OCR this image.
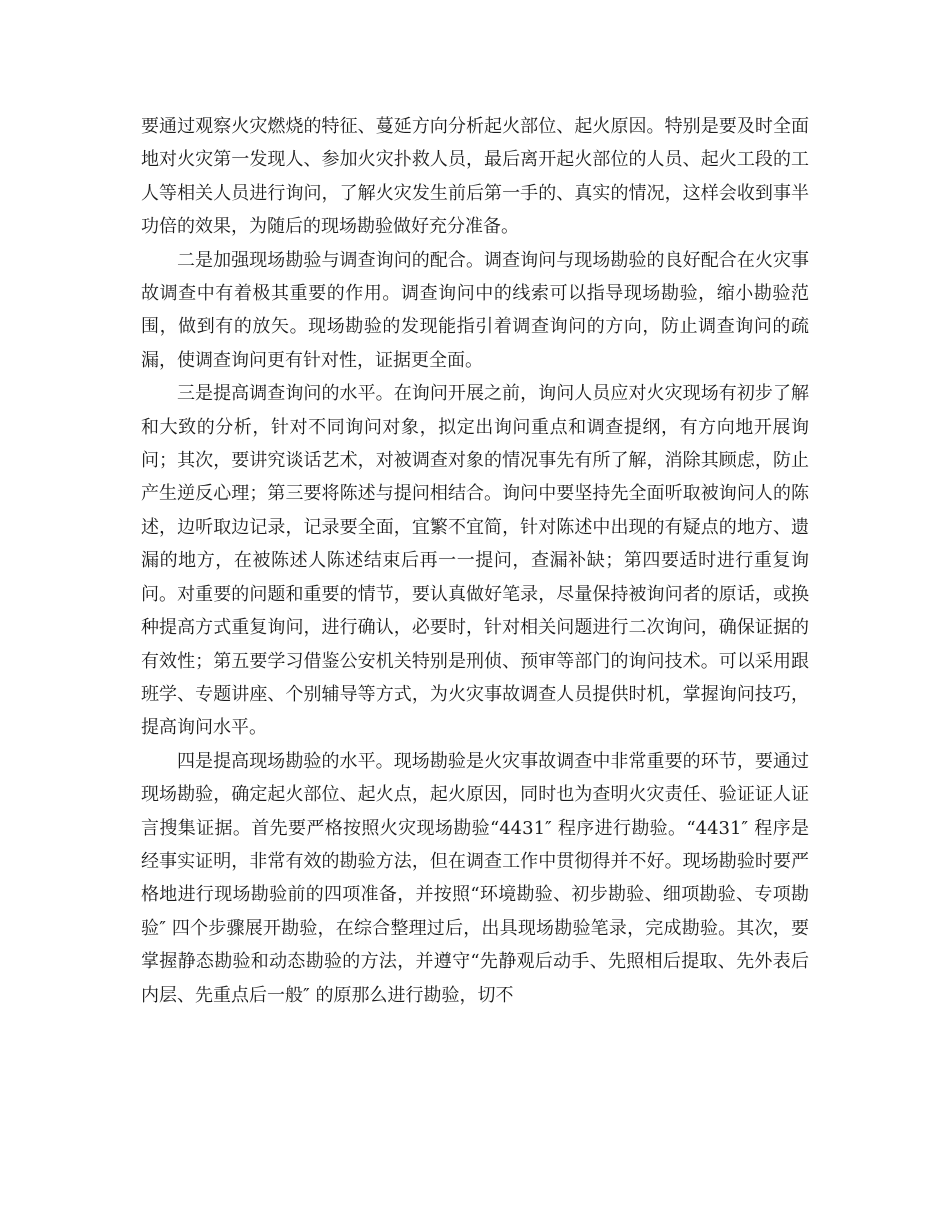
要通过观察火灾燃烧的特征、蔓延方向分析起火部位、起火原因。特别是要及时全面地对火灾第一发现人、参加火灾扑救人员，最后离开起火部位的人员、起火工段的工人等相关人员进行询问，了解火灾发生前后第一手的、真实的情况，这样会收到事半功倍的效果，为随后的现场勘验做好充分准备。

二是加强现场勘验与调查询问的配合。调查询问与现场勘验的良好配合在火灾事故调查中有着极其重要的作用。调查询问中的线索可以指导现场勘验，缩小勘验范围，做到有的放矢。现场勘验的发现能指引着调查询问的方向，防止调查询问的疏漏，使调查询问更有针对性，证据更全面。

三是提高调查询问的水平。在询问开展之前，询问人员应对火灾现场有初步了解和大致的分析，针对不同询问对象，拟定出询问重点和调查提纲，有方向地开展询问；其次，要讲究谈话艺术，对被调查对象的情况事先有所了解，消除其顾虑，防止产生逆反心理；第三要将陈述与提问相结合。询问中要坚持先全面听取被询问人的陈述，边听取边记录，记录要全面，宜繁不宜简，针对陈述中出现的有疑点的地方、遗漏的地方，在被陈述人陈述结束后再一一提问，查漏补缺；第四要适时进行重复询问。对重要的问题和重要的情节，要认真做好笔录，尽量保持被询问者的原话，或换种提高方式重复询问，进行确认，必要时，针对相关问题进行二次询问，确保证据的有效性；第五要学习借鉴公安机关特别是刑侦、预审等部门的询问技术。可以采用跟班学、专题讲座、个别辅导等方式，为火灾事故调查人员提供时机，掌握询问技巧，提高询问水平。

四是提高现场勘验的水平。现场勘验是火灾事故调查中非常重要的环节，要通过现场勘验，确定起火部位、起火点，起火原因，同时也为查明火灾责任、验证证人证言搜集证据。首先要严格按照火灾现场勘验“4431″ 程序进行勘验。“4431″ 程序是经事实证明，非常有效的勘验方法，但在调查工作中贯彻得并不好。现场勘验时要严格地进行现场勘验前的四项准备，并按照“环境勘验、初步勘验、细项勘验、专项勘验″ 四个步骤展开勘验，在综合整理过后，出具现场勘验笔录，完成勘验。其次，要掌握静态勘验和动态勘验的方法，并遵守“先静观后动手、先照相后提取、先外表后内层、先重点后一般″ 的原那么进行勘验，切不
